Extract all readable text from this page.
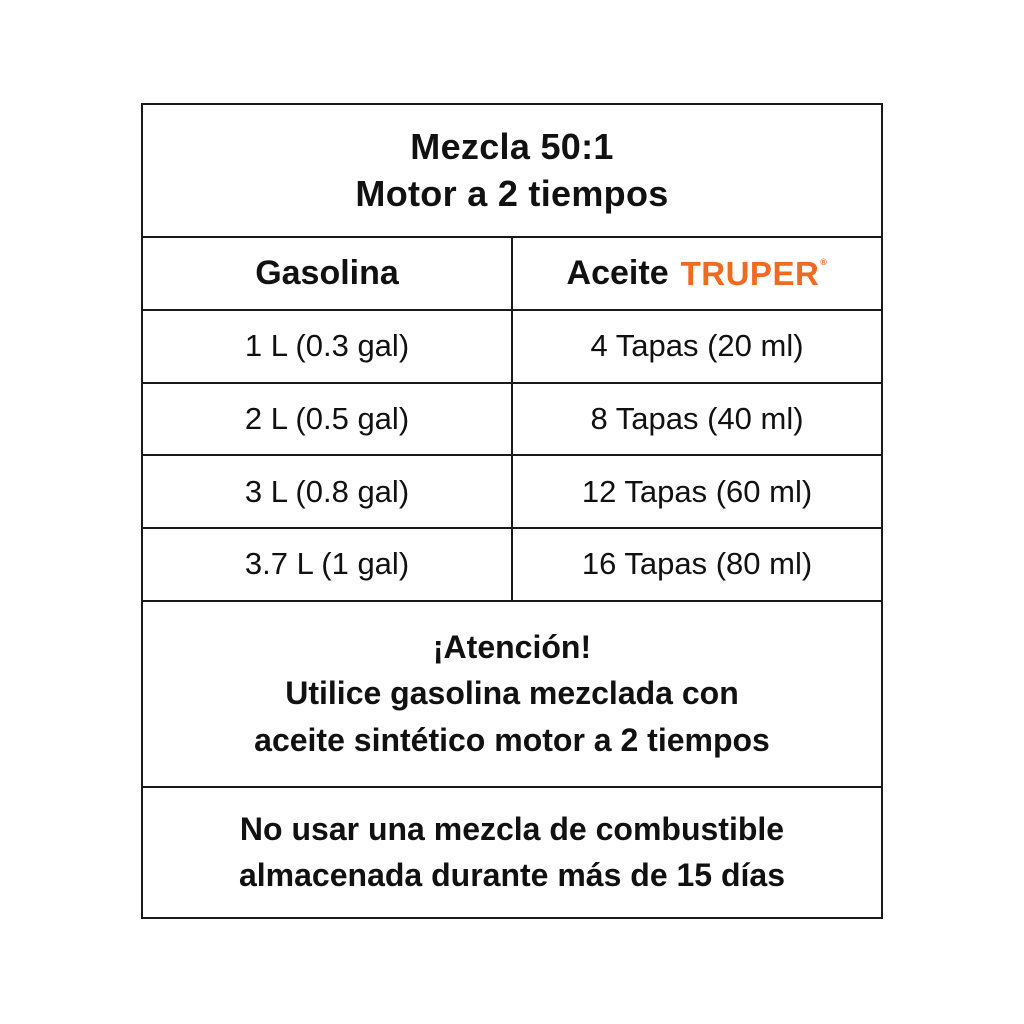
Mezcla 50:1
Motor a 2 tiempos
Gasolina	Aceite TRUPER ®
1 L (0.3 gal)	4 Tapas (20 ml)
2 L (0.5 gal)	8 Tapas (40 ml)
3 L (0.8 gal)	12 Tapas (60 ml)
3.7 L (1 gal)	16 Tapas (80 ml)
¡Atención!
Utilice gasolina mezclada con
aceite sintético motor a 2 tiempos
No usar una mezcla de combustible
almacenada durante más de 15 días
